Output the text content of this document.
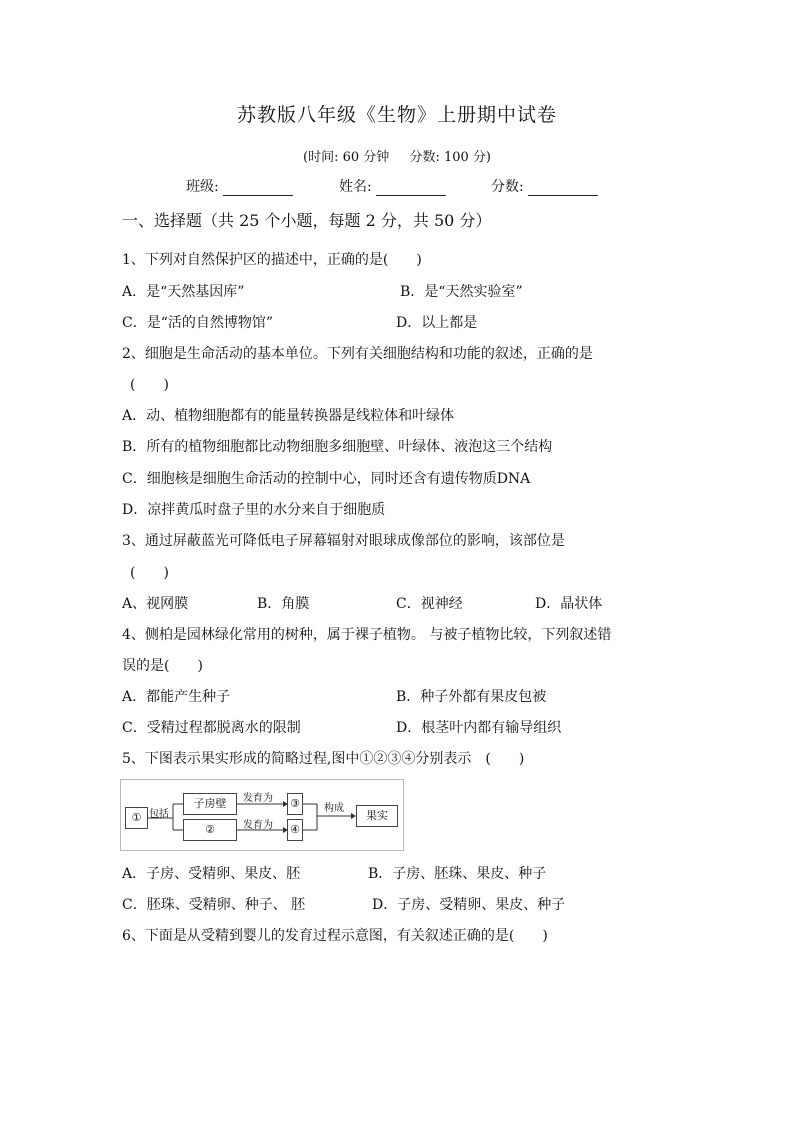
苏教版八年级《生物》上册期中试卷
(时间: 60 分钟 分数: 100 分)
班级:	姓名:	分数:
一、选择题（共 25 个小题，每题 2 分，共 50 分）
1、下列对自然保护区的描述中，正确的是(　　)
A．是“天然基因库”	B．是“天然实验室”
C．是“活的自然博物馆”	D．以上都是
2、细胞是生命活动的基本单位。下列有关细胞结构和功能的叙述，正确的是
(　　)
A．动、植物细胞都有的能量转换器是线粒体和叶绿体
B．所有的植物细胞都比动物细胞多细胞壁、叶绿体、液泡这三个结构
C．细胞核是细胞生命活动的控制中心，同时还含有遗传物质DNA
D．凉拌黄瓜时盘子里的水分来自于细胞质
3、通过屏蔽蓝光可降低电子屏幕辐射对眼球成像部位的影响，该部位是
(　　)
A、视网膜	B．角膜	C．视神经	D．晶状体
4、侧柏是园林绿化常用的树种，属于裸子植物。 与被子植物比较，下列叙述错
误的是(　　)
A．都能产生种子	B．种子外都有果皮包被
C．受精过程都脱离水的限制	D．根茎叶内都有输导组织
5、下图表示果实形成的简略过程,图中①②③④分别表示　(　　)
①
子房壁
②
③
④
果实
包括
发育为
发育为
构成
A．子房、受精卵、果皮、胚	B．子房、胚珠、果皮、种子
C．胚珠、受精卵、种子、 胚	D．子房、受精卵、果皮、种子
6、下面是从受精到婴儿的发育过程示意图，有关叙述正确的是(　　)
